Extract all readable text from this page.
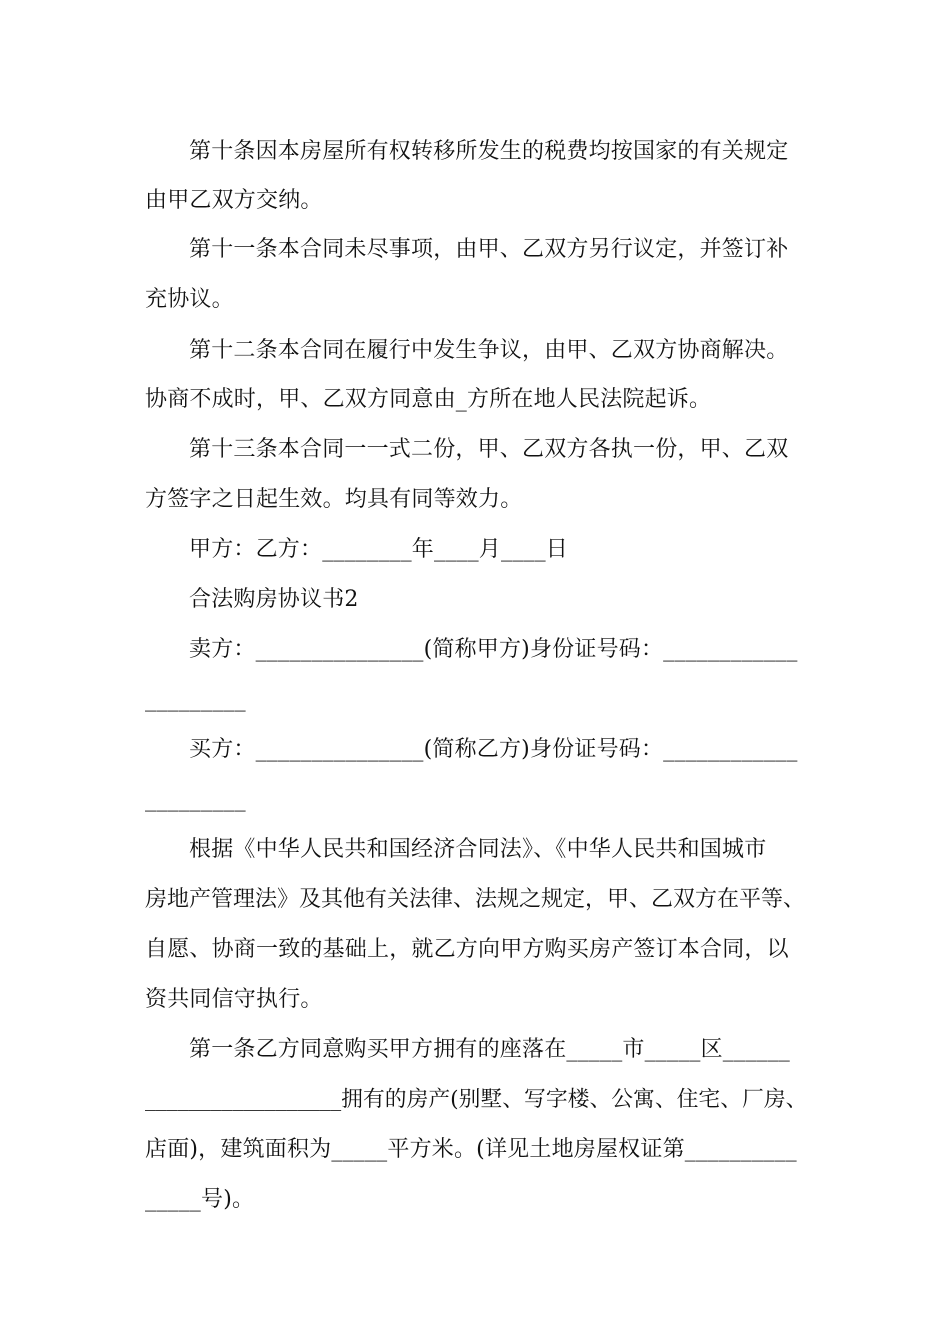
第十条因本房屋所有权转移所发生的税费均按国家的有关规定
由甲乙双方交纳。
第十一条本合同未尽事项，由甲、乙双方另行议定，并签订补
充协议。
第十二条本合同在履行中发生争议，由甲、乙双方协商解决。
协商不成时，甲、乙双方同意由_方所在地人民法院起诉。
第十三条本合同一一式二份，甲、乙双方各执一份，甲、乙双
方签字之日起生效。均具有同等效力。
甲方：乙方：________年____月____日
合法购房协议书2
卖方：_______________(简称甲方)身份证号码：____________
_________
买方：_______________(简称乙方)身份证号码：____________
_________
根据《中华人民共和国经济合同法》、《中华人民共和国城市
房地产管理法》及其他有关法律、法规之规定，甲、乙双方在平等、
自愿、协商一致的基础上，就乙方向甲方购买房产签订本合同，以
资共同信守执行。
第一条乙方同意购买甲方拥有的座落在_____市_____区______
__________________拥有的房产(别墅、写字楼、公寓、住宅、厂房、
店面)，建筑面积为_____平方米。(详见土地房屋权证第__________
_____号)。
